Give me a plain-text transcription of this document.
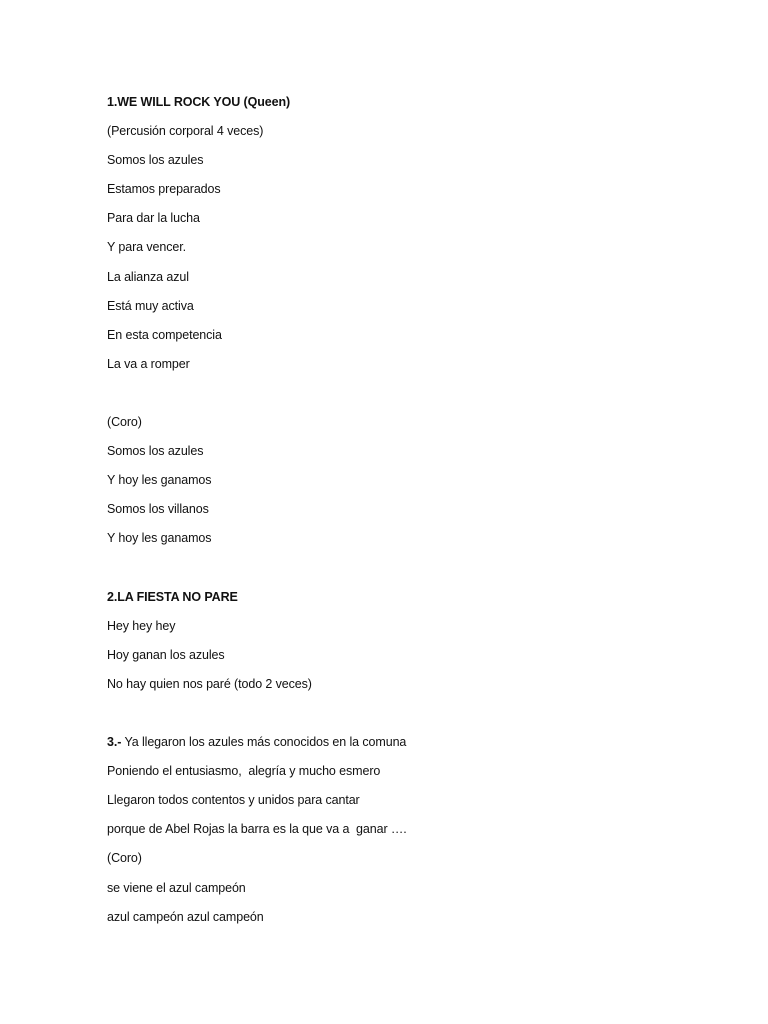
1.WE WILL ROCK YOU (Queen)
(Percusión corporal 4 veces)
Somos los azules
Estamos preparados
Para dar la lucha
Y para vencer.
La alianza azul
Está muy activa
En esta competencia
La va a romper
(Coro)
Somos los azules
Y hoy les ganamos
Somos los villanos
Y hoy les ganamos
2.LA FIESTA NO PARE
Hey hey hey
Hoy ganan los azules
No hay quien nos paré (todo 2 veces)
3.- Ya llegaron los azules más conocidos en la comuna
Poniendo el entusiasmo,  alegría y mucho esmero
Llegaron todos contentos y unidos para cantar
porque de Abel Rojas la barra es la que va a  ganar ….
(Coro)
se viene el azul campeón
azul campeón azul campeón
